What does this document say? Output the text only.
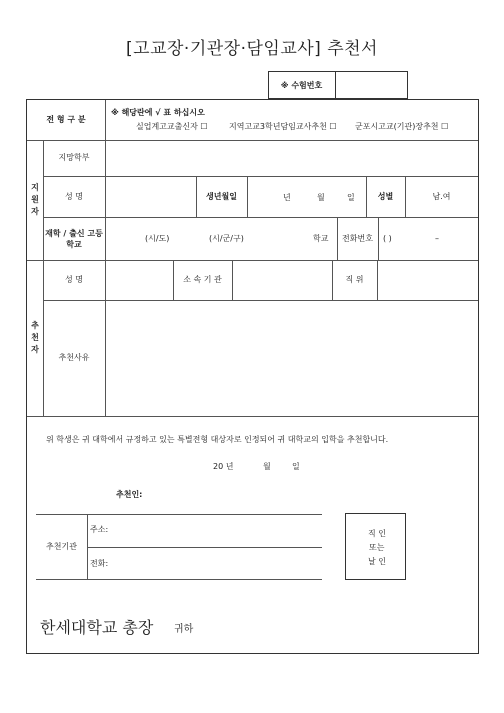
[고교장·기관장·담임교사] 추천서
※ 수험번호
전 형 구 분
※ 해당란에 √ 표 하십시오
실업계고교출신자 ☐	지역고교3학년담임교사추천 ☐ 군포시고교(기관)장추천 ☐
지 원 자
지망학부
성 명	생년월일	년	월	일	성별	남.여
재학 / 출신 고등학교
(시/도)	(시/군/구)	학교	전화번호	( )	–
추 천 자
성 명	소 속 기 관	직 위
추천사유
위 학생은 귀 대학에서 규정하고 있는 특별전형 대상자로 인정되어 귀 대학교의 입학을 추천합니다.
20 년	월	일
추천인:
추천기관
주소:
전화:
직 인
또는
날 인
한세대학교 총장 귀하
